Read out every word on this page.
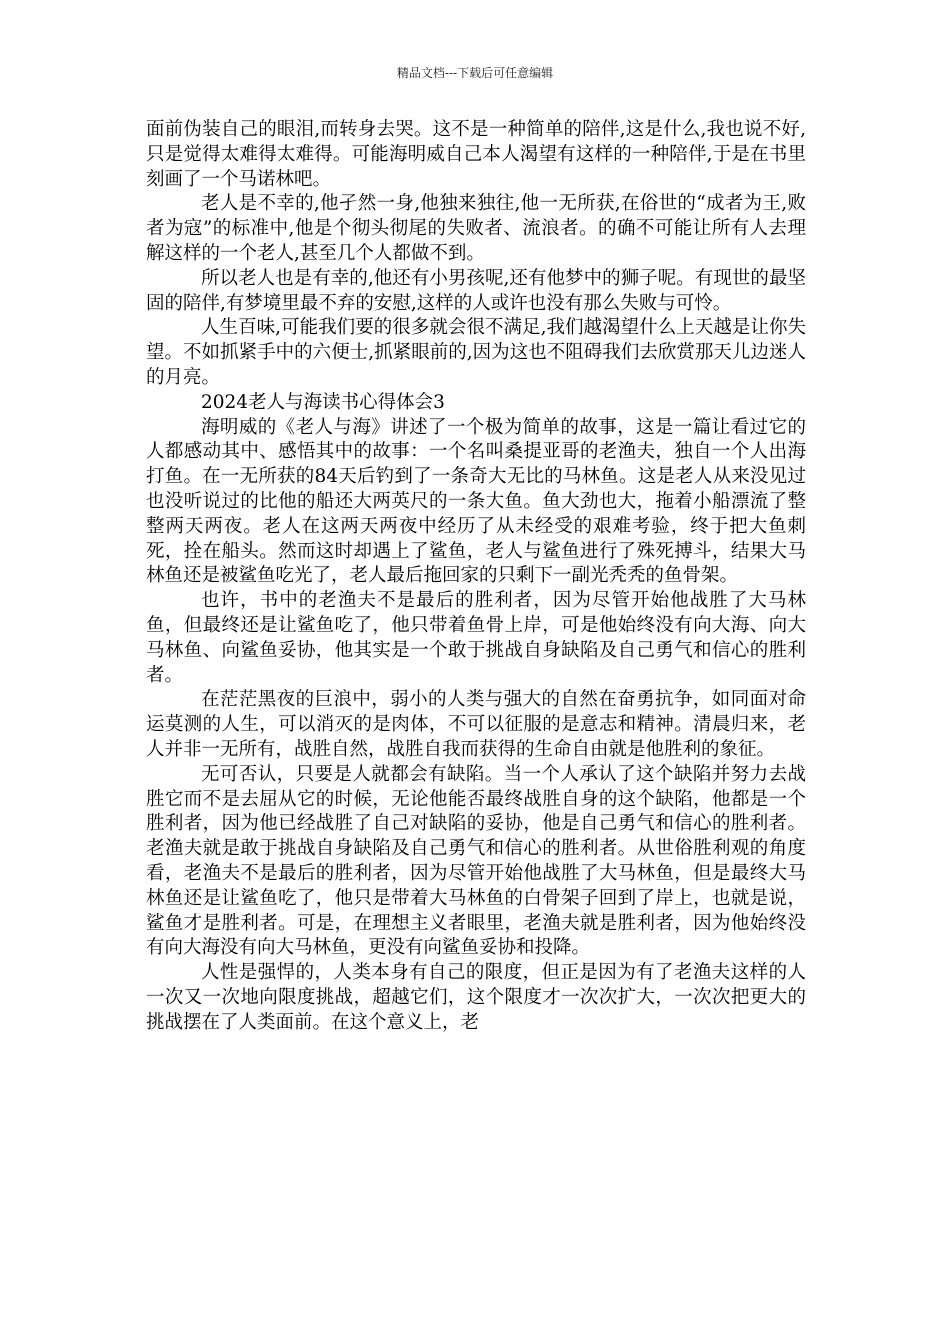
精品文档---下载后可任意编辑

面前伪装自己的眼泪,而转身去哭。这不是一种简单的陪伴,这是什么,我也说不好,只是觉得太难得太难得。可能海明威自己本人渴望有这样的一种陪伴,于是在书里刻画了一个马诺林吧。

老人是不幸的,他孑然一身,他独来独往,他一无所获,在俗世的“成者为王,败者为寇”的标准中,他是个彻头彻尾的失败者、流浪者。的确不可能让所有人去理解这样的一个老人,甚至几个人都做不到。

所以老人也是有幸的,他还有小男孩呢,还有他梦中的狮子呢。有现世的最坚固的陪伴,有梦境里最不弃的安慰,这样的人或许也没有那么失败与可怜。

人生百味,可能我们要的很多就会很不满足,我们越渴望什么上天越是让你失望。不如抓紧手中的六便士,抓紧眼前的,因为这也不阻碍我们去欣赏那天儿边迷人的月亮。

2024老人与海读书心得体会3

海明威的《老人与海》讲述了一个极为简单的故事，这是一篇让看过它的人都感动其中、感悟其中的故事：一个名叫桑提亚哥的老渔夫，独自一个人出海打鱼。在一无所获的84天后钓到了一条奇大无比的马林鱼。这是老人从来没见过也没听说过的比他的船还大两英尺的一条大鱼。鱼大劲也大，拖着小船漂流了整整两天两夜。老人在这两天两夜中经历了从未经受的艰难考验，终于把大鱼刺死，拴在船头。然而这时却遇上了鲨鱼，老人与鲨鱼进行了殊死搏斗，结果大马林鱼还是被鲨鱼吃光了，老人最后拖回家的只剩下一副光秃秃的鱼骨架。

也许，书中的老渔夫不是最后的胜利者，因为尽管开始他战胜了大马林鱼，但最终还是让鲨鱼吃了，他只带着鱼骨上岸，可是他始终没有向大海、向大马林鱼、向鲨鱼妥协，他其实是一个敢于挑战自身缺陷及自己勇气和信心的胜利者。

在茫茫黑夜的巨浪中，弱小的人类与强大的自然在奋勇抗争，如同面对命运莫测的人生，可以消灭的是肉体，不可以征服的是意志和精神。清晨归来，老人并非一无所有，战胜自然，战胜自我而获得的生命自由就是他胜利的象征。

无可否认，只要是人就都会有缺陷。当一个人承认了这个缺陷并努力去战胜它而不是去屈从它的时候，无论他能否最终战胜自身的这个缺陷，他都是一个胜利者，因为他已经战胜了自己对缺陷的妥协，他是自己勇气和信心的胜利者。老渔夫就是敢于挑战自身缺陷及自己勇气和信心的胜利者。从世俗胜利观的角度看，老渔夫不是最后的胜利者，因为尽管开始他战胜了大马林鱼，但是最终大马林鱼还是让鲨鱼吃了，他只是带着大马林鱼的白骨架子回到了岸上，也就是说，鲨鱼才是胜利者。可是，在理想主义者眼里，老渔夫就是胜利者，因为他始终没有向大海没有向大马林鱼，更没有向鲨鱼妥协和投降。

人性是强悍的，人类本身有自己的限度，但正是因为有了老渔夫这样的人一次又一次地向限度挑战，超越它们，这个限度才一次次扩大，一次次把更大的挑战摆在了人类面前。在这个意义上，老
